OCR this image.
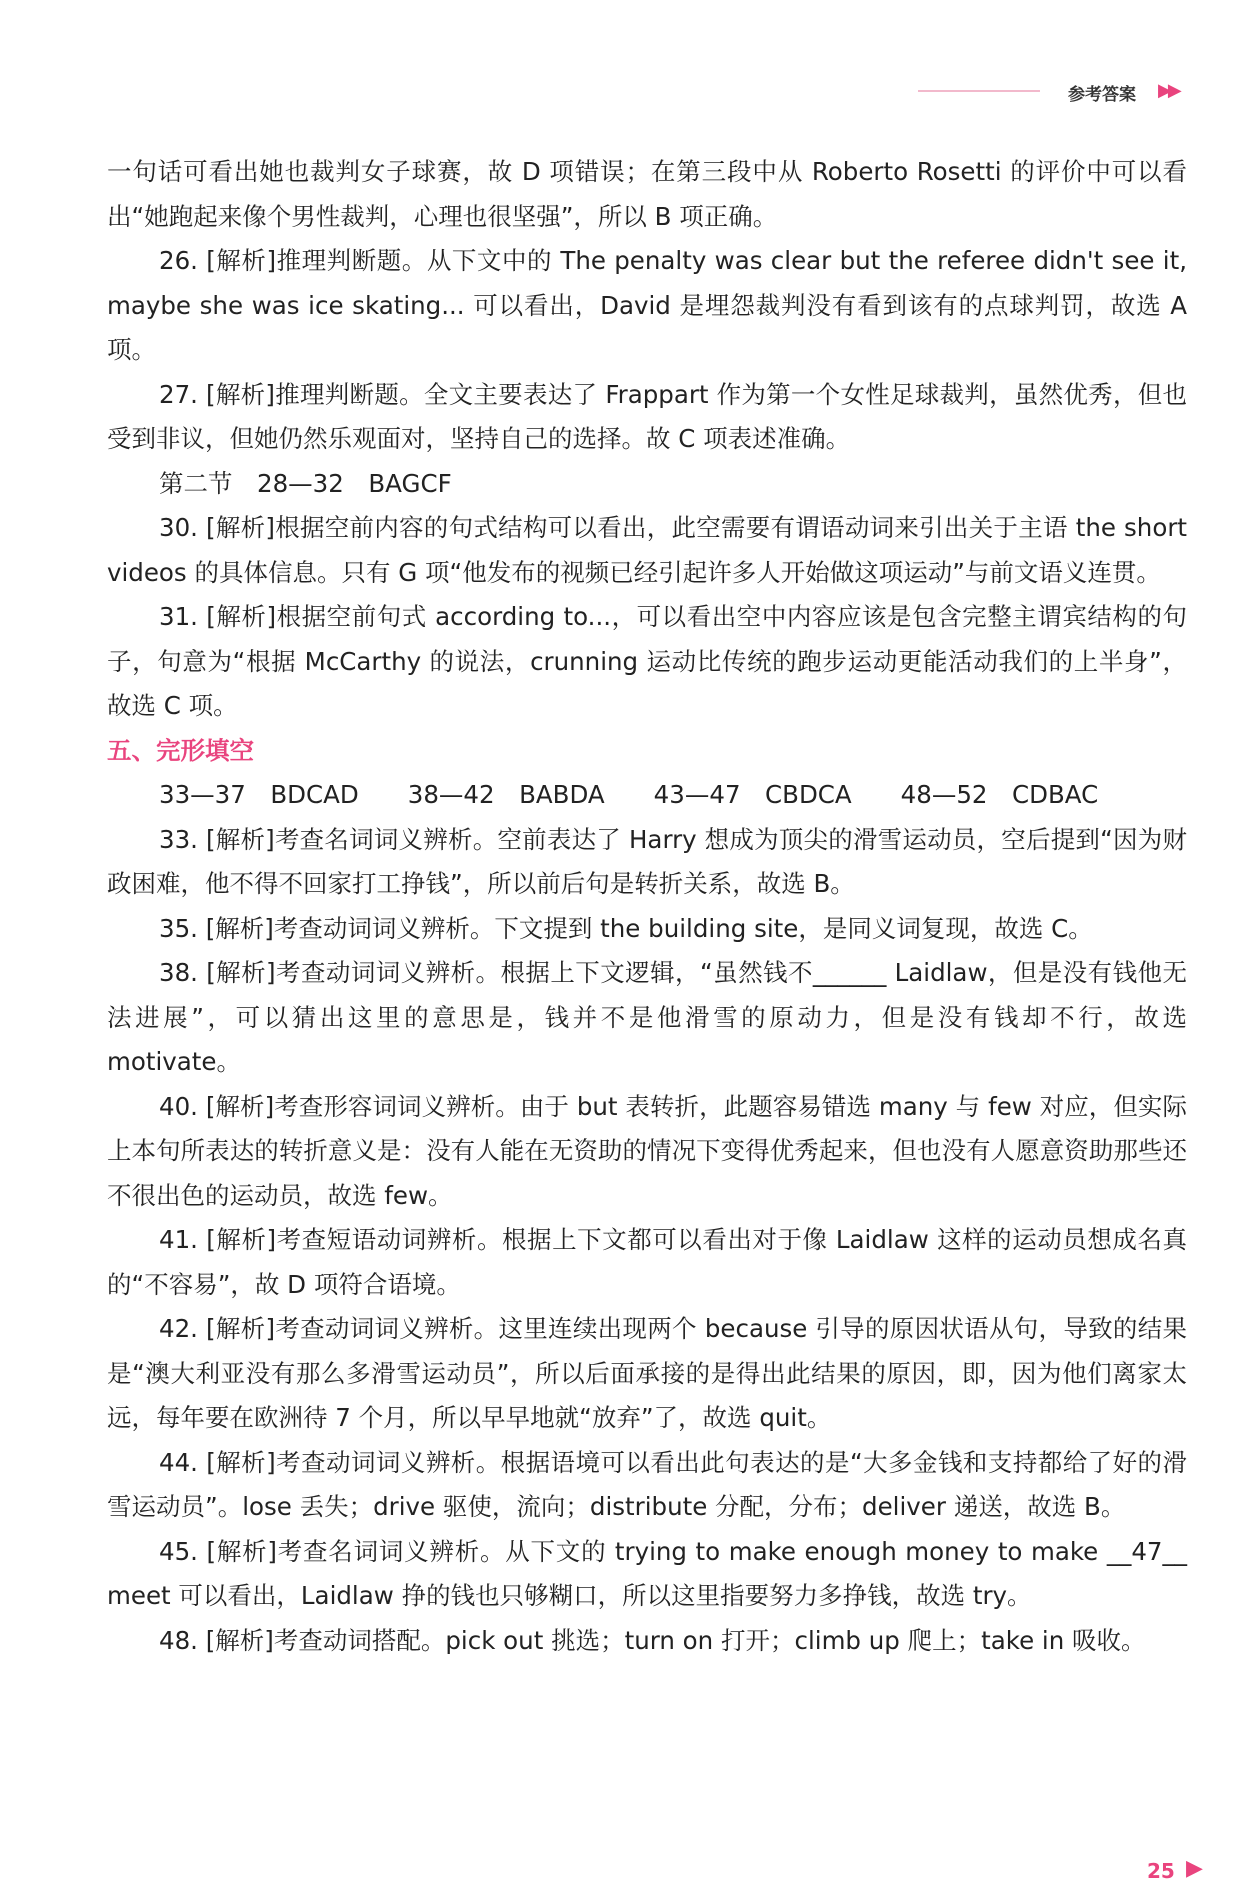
参考答案 ▶▶

一句话可看出她也裁判女子球赛，故 D 项错误；在第三段中从 Roberto Rosetti 的评价中可以看出“她跑起来像个男性裁判，心理也很坚强”，所以 B 项正确。

26. [解析]推理判断题。从下文中的 The penalty was clear but the referee didn't see it, maybe she was ice skating... 可以看出，David 是埋怨裁判没有看到该有的点球判罚，故选 A 项。

27. [解析]推理判断题。全文主要表达了 Frappart 作为第一个女性足球裁判，虽然优秀，但也受到非议，但她仍然乐观面对，坚持自己的选择。故 C 项表述准确。

第二节　28—32　BAGCF

30. [解析]根据空前内容的句式结构可以看出，此空需要有谓语动词来引出关于主语 the short videos 的具体信息。只有 G 项“他发布的视频已经引起许多人开始做这项运动”与前文语义连贯。

31. [解析]根据空前句式 according to...，可以看出空中内容应该是包含完整主谓宾结构的句子，句意为“根据 McCarthy 的说法，crunning 运动比传统的跑步运动更能活动我们的上半身”，故选 C 项。

五、完形填空

33—37　BDCAD　　38—42　BABDA　　43—47　CBDCA　　48—52　CDBAC

33. [解析]考查名词词义辨析。空前表达了 Harry 想成为顶尖的滑雪运动员，空后提到“因为财政困难，他不得不回家打工挣钱”，所以前后句是转折关系，故选 B。

35. [解析]考查动词词义辨析。下文提到 the building site，是同义词复现，故选 C。

38. [解析]考查动词词义辨析。根据上下文逻辑，“虽然钱不______ Laidlaw，但是没有钱他无法进展”，可以猜出这里的意思是，钱并不是他滑雪的原动力，但是没有钱却不行，故选 motivate。

40. [解析]考查形容词词义辨析。由于 but 表转折，此题容易错选 many 与 few 对应，但实际上本句所表达的转折意义是：没有人能在无资助的情况下变得优秀起来，但也没有人愿意资助那些还不很出色的运动员，故选 few。

41. [解析]考查短语动词辨析。根据上下文都可以看出对于像 Laidlaw 这样的运动员想成名真的“不容易”，故 D 项符合语境。

42. [解析]考查动词词义辨析。这里连续出现两个 because 引导的原因状语从句，导致的结果是“澳大利亚没有那么多滑雪运动员”，所以后面承接的是得出此结果的原因，即，因为他们离家太远，每年要在欧洲待 7 个月，所以早早地就“放弃”了，故选 quit。

44. [解析]考查动词词义辨析。根据语境可以看出此句表达的是“大多金钱和支持都给了好的滑雪运动员”。lose 丢失；drive 驱使，流向；distribute 分配，分布；deliver 递送，故选 B。

45. [解析]考查名词词义辨析。从下文的 trying to make enough money to make __47__ meet 可以看出，Laidlaw 挣的钱也只够糊口，所以这里指要努力多挣钱，故选 try。

48. [解析]考查动词搭配。pick out 挑选；turn on 打开；climb up 爬上；take in 吸收。

25 ▶
